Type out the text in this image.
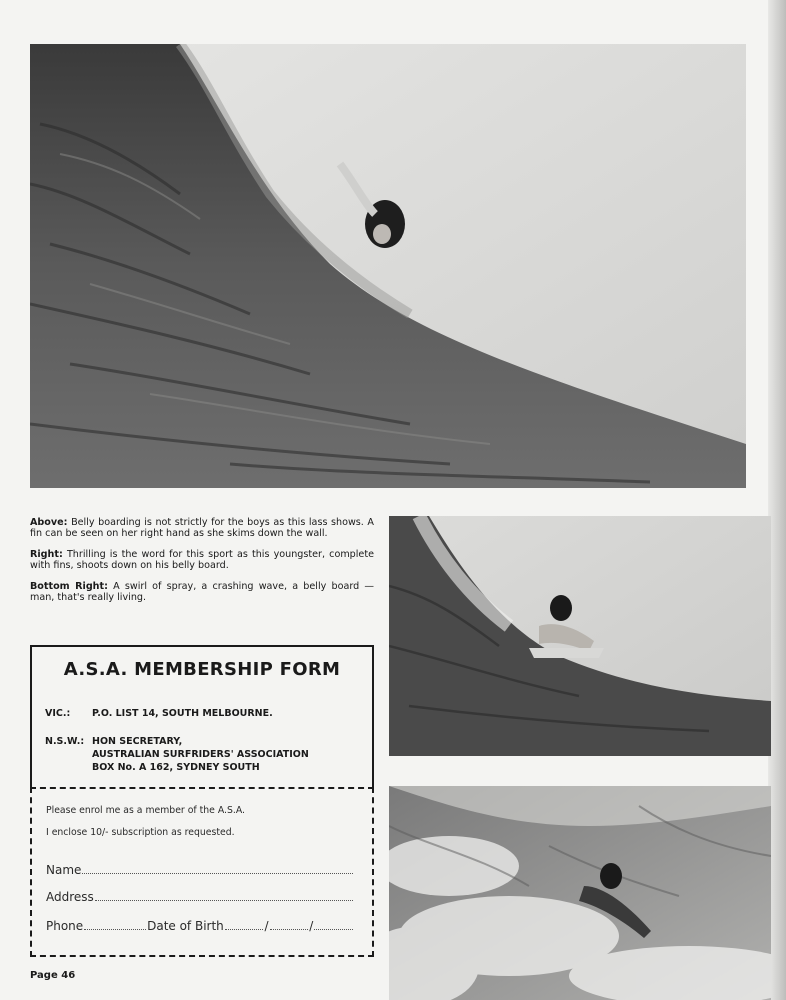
Above: Belly boarding is not strictly for the boys as this lass shows. A fin can be seen on her right hand as she skims down the wall.

Right: Thrilling is the word for this sport as this youngster, complete with fins, shoots down on his belly board.

Bottom Right: A swirl of spray, a crashing wave, a belly board — man, that's really living.

A.S.A. MEMBERSHIP FORM
VIC.:	P.O. LIST 14, SOUTH MELBOURNE.
N.S.W.: HON SECRETARY,
AUSTRALIAN SURFRIDERS' ASSOCIATION
BOX No. A 162, SYDNEY SOUTH
Please enrol me as a member of the A.S.A.
I enclose 10/- subscription as requested.
Name
Address
Phone	Date of Birth	/	/
Page 46
